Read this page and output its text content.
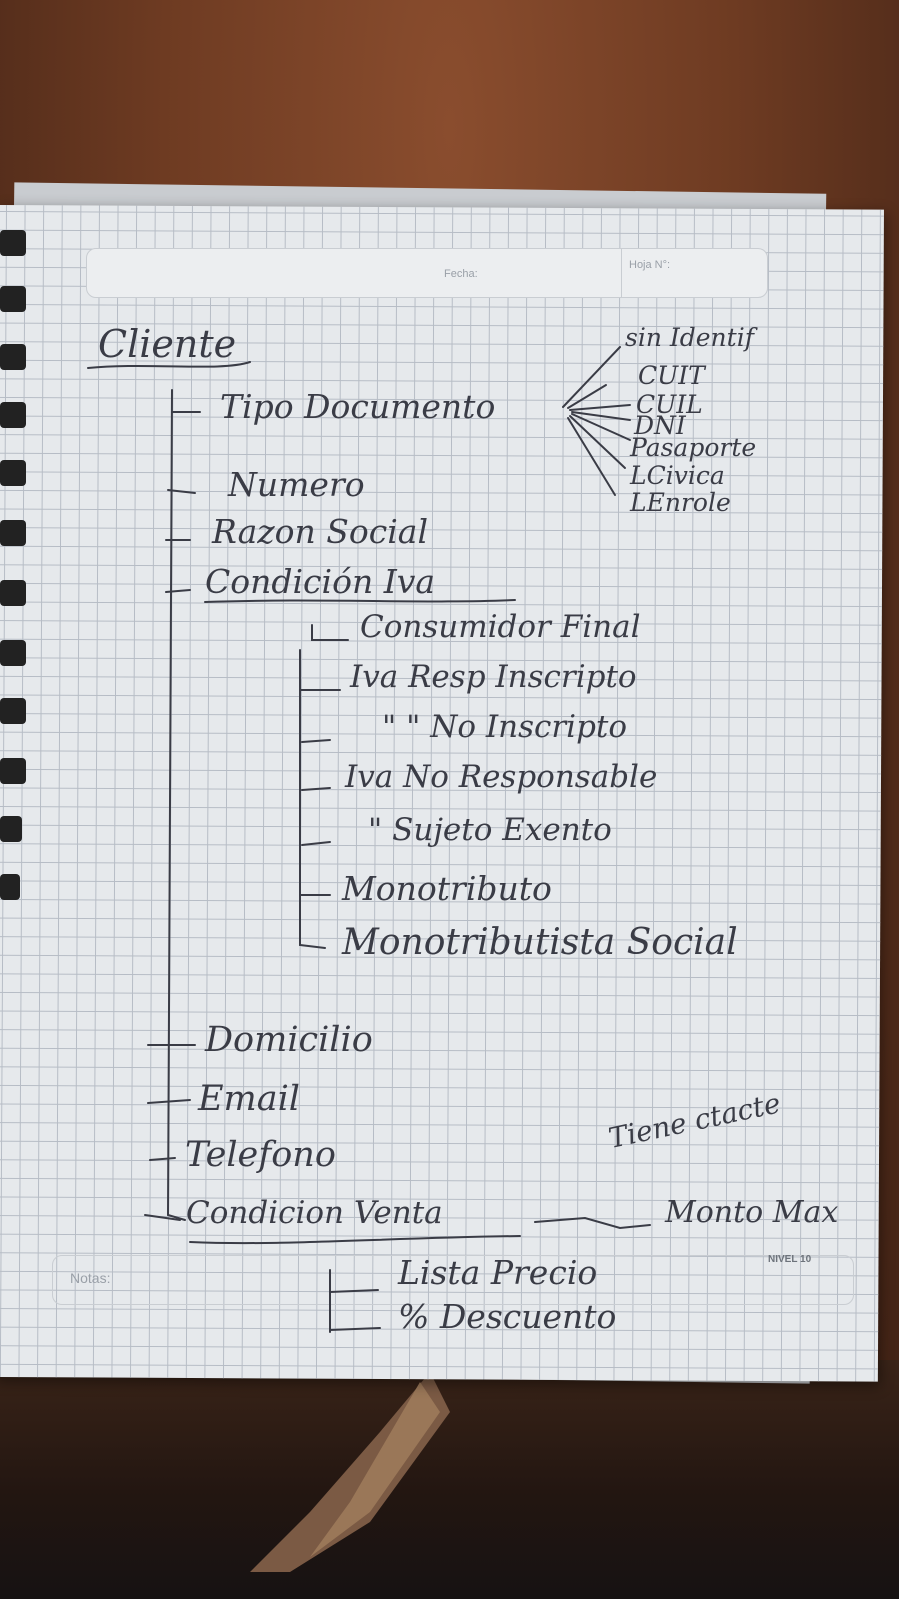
Fecha:
Hoja N°:
Notas:
NIVEL 10
Cliente
Tipo Documento
Numero
Razon Social
Condición Iva
sin Identif
CUIT
CUIL
DNI
Pasaporte
LCivica
LEnrole
Consumidor Final
Iva Resp Inscripto
" " No Inscripto
Iva No Responsable
" Sujeto Exento
Monotributo
Monotributista Social
Domicilio
Email
Telefono
Condicion Venta
Tiene ctacte
Monto Max
Lista Precio
% Descuento
